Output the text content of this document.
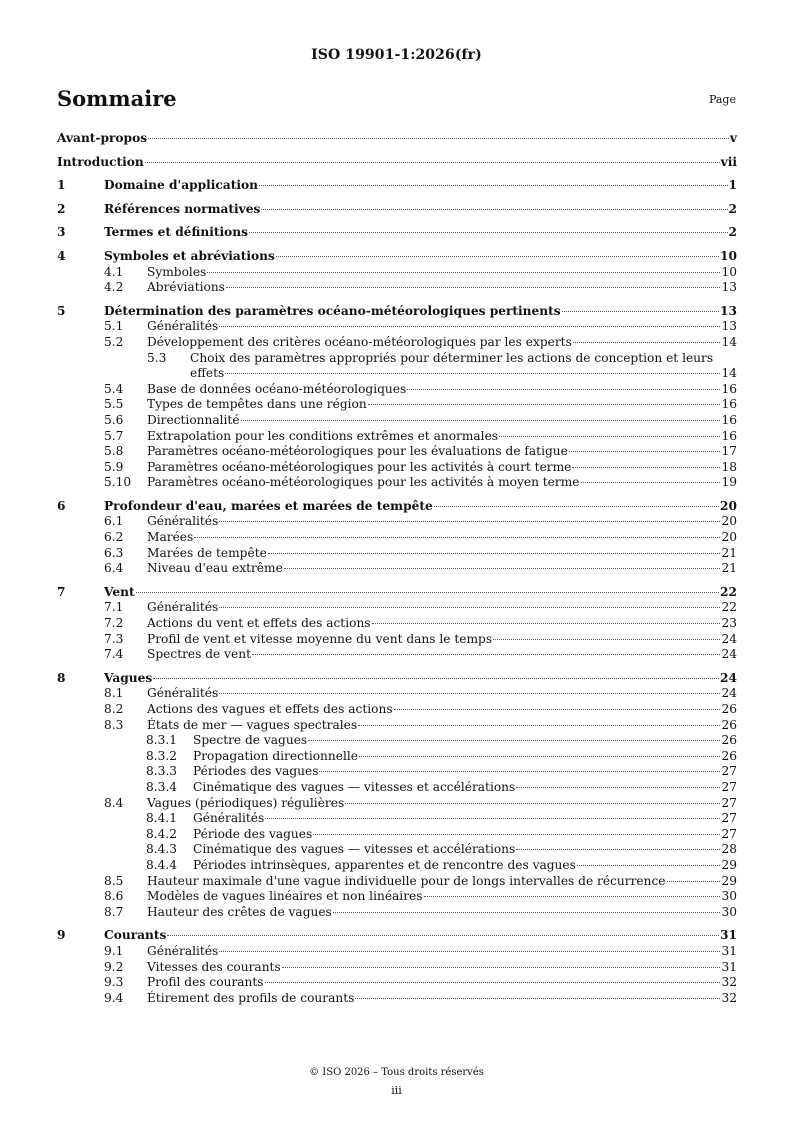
ISO 19901-1:2026(fr)
Sommaire	Page
Avant-propos	v
Introduction	vii
1	Domaine d'application	1
2	Références normatives	2
3	Termes et définitions	2
4	Symboles et abréviations	10
4.1	Symboles	10
4.2	Abréviations	13
5	Détermination des paramètres océano-météorologiques pertinents	13
5.1	Généralités	13
5.2	Développement des critères océano-météorologiques par les experts	14
5.3 Choix des paramètres appropriés pour déterminer les actions de conception et leurs
effets	14
5.4	Base de données océano-météorologiques	16
5.5	Types de tempêtes dans une région	16
5.6	Directionnalité	16
5.7	Extrapolation pour les conditions extrêmes et anormales	16
5.8	Paramètres océano-météorologiques pour les évaluations de fatigue	17
5.9	Paramètres océano-météorologiques pour les activités à court terme	18
5.10	Paramètres océano-météorologiques pour les activités à moyen terme	19
6	Profondeur d'eau, marées et marées de tempête	20
6.1	Généralités	20
6.2	Marées	20
6.3	Marées de tempête	21
6.4	Niveau d'eau extrême	21
7	Vent	22
7.1	Généralités	22
7.2	Actions du vent et effets des actions	23
7.3	Profil de vent et vitesse moyenne du vent dans le temps	24
7.4	Spectres de vent	24
8	Vagues	24
8.1	Généralités	24
8.2	Actions des vagues et effets des actions	26
8.3	États de mer — vagues spectrales	26
8.3.1	Spectre de vagues	26
8.3.2	Propagation directionnelle	26
8.3.3	Périodes des vagues	27
8.3.4	Cinématique des vagues — vitesses et accélérations	27
8.4	Vagues (périodiques) régulières	27
8.4.1	Généralités	27
8.4.2	Période des vagues	27
8.4.3	Cinématique des vagues — vitesses et accélérations	28
8.4.4	Périodes intrinsèques, apparentes et de rencontre des vagues	29
8.5	Hauteur maximale d'une vague individuelle pour de longs intervalles de récurrence	29
8.6	Modèles de vagues linéaires et non linéaires	30
8.7	Hauteur des crêtes de vagues	30
9	Courants	31
9.1	Généralités	31
9.2	Vitesses des courants	31
9.3	Profil des courants	32
9.4	Étirement des profils de courants	32
© ISO 2026 – Tous droits réservés
iii
